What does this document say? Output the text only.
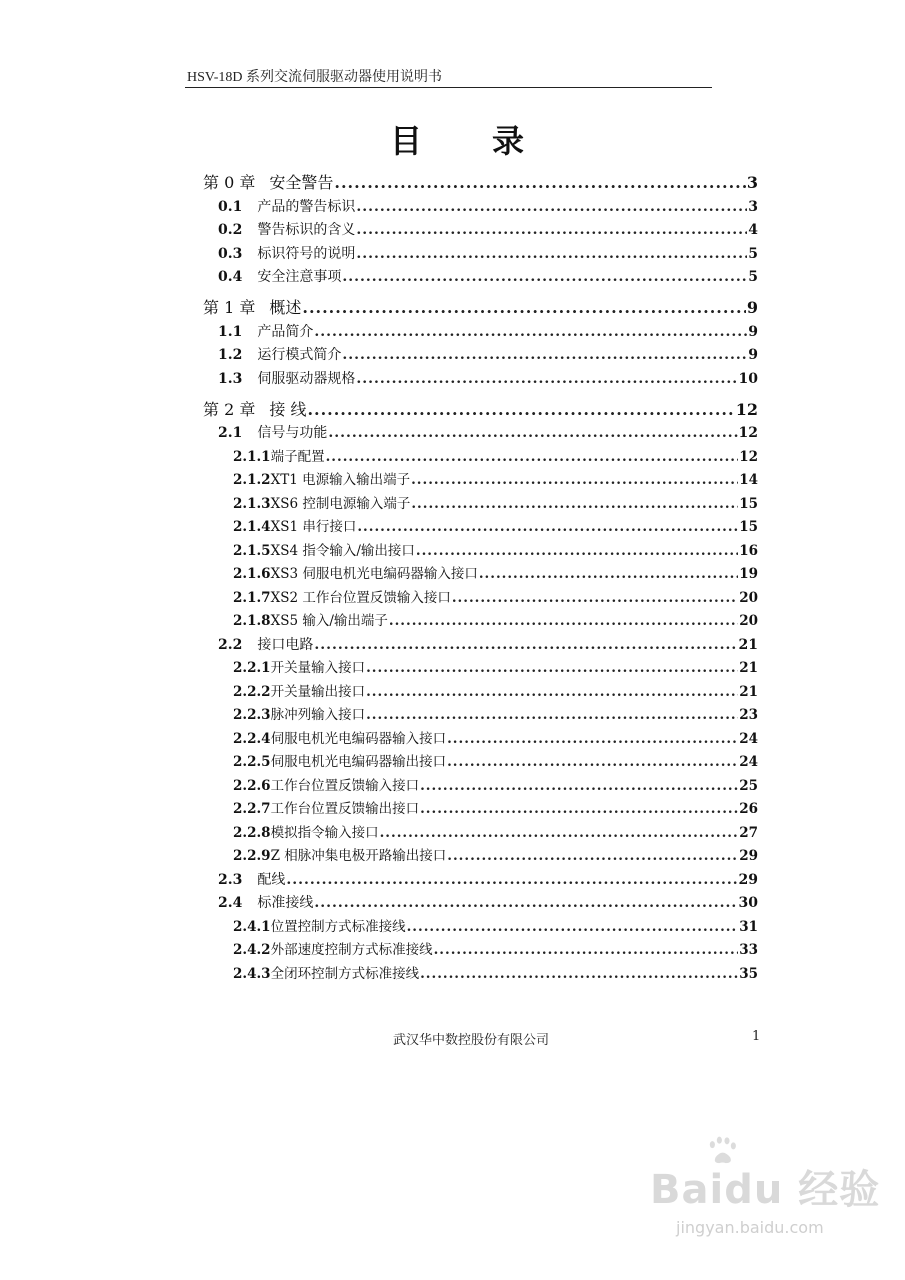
HSV-18D 系列交流伺服驱动器使用说明书
目录
第 0 章 安全警告 .....	3
0.1 产品的警告标识 .....	3
0.2 警告标识的含义 .....	4
0.3 标识符号的说明 .....	5
0.4 安全注意事项 .....	5
第 1 章 概述 .....	9
1.1 产品简介 .....	9
1.2 运行模式简介 .....	9
1.3 伺服驱动器规格 .....	10
第 2 章 接 线 .....	12
2.1 信号与功能 .....	12
2.1.1 端子配置 .....	12
2.1.2 XT1 电源输入输出端子 .....	14
2.1.3 XS6 控制电源输入端子 .....	15
2.1.4 XS1 串行接口 .....	15
2.1.5 XS4 指令输入/输出接口 .....	16
2.1.6 XS3 伺服电机光电编码器输入接口 .....	19
2.1.7 XS2 工作台位置反馈输入接口 .....	20
2.1.8 XS5 输入/输出端子 .....	20
2.2 接口电路 .....	21
2.2.1 开关量输入接口 .....	21
2.2.2 开关量输出接口 .....	21
2.2.3 脉冲列输入接口 .....	23
2.2.4 伺服电机光电编码器输入接口 .....	24
2.2.5 伺服电机光电编码器输出接口 .....	24
2.2.6 工作台位置反馈输入接口 .....	25
2.2.7 工作台位置反馈输出接口 .....	26
2.2.8 模拟指令输入接口 .....	27
2.2.9 Z 相脉冲集电极开路输出接口 .....	29
2.3 配线 .....	29
2.4 标准接线 .....	30
2.4.1 位置控制方式标准接线 .....	31
2.4.2 外部速度控制方式标准接线 .....	33
2.4.3 全闭环控制方式标准接线 .....	35
武汉华中数控股份有限公司	1
Baidu 经验
jingyan.baidu.com
